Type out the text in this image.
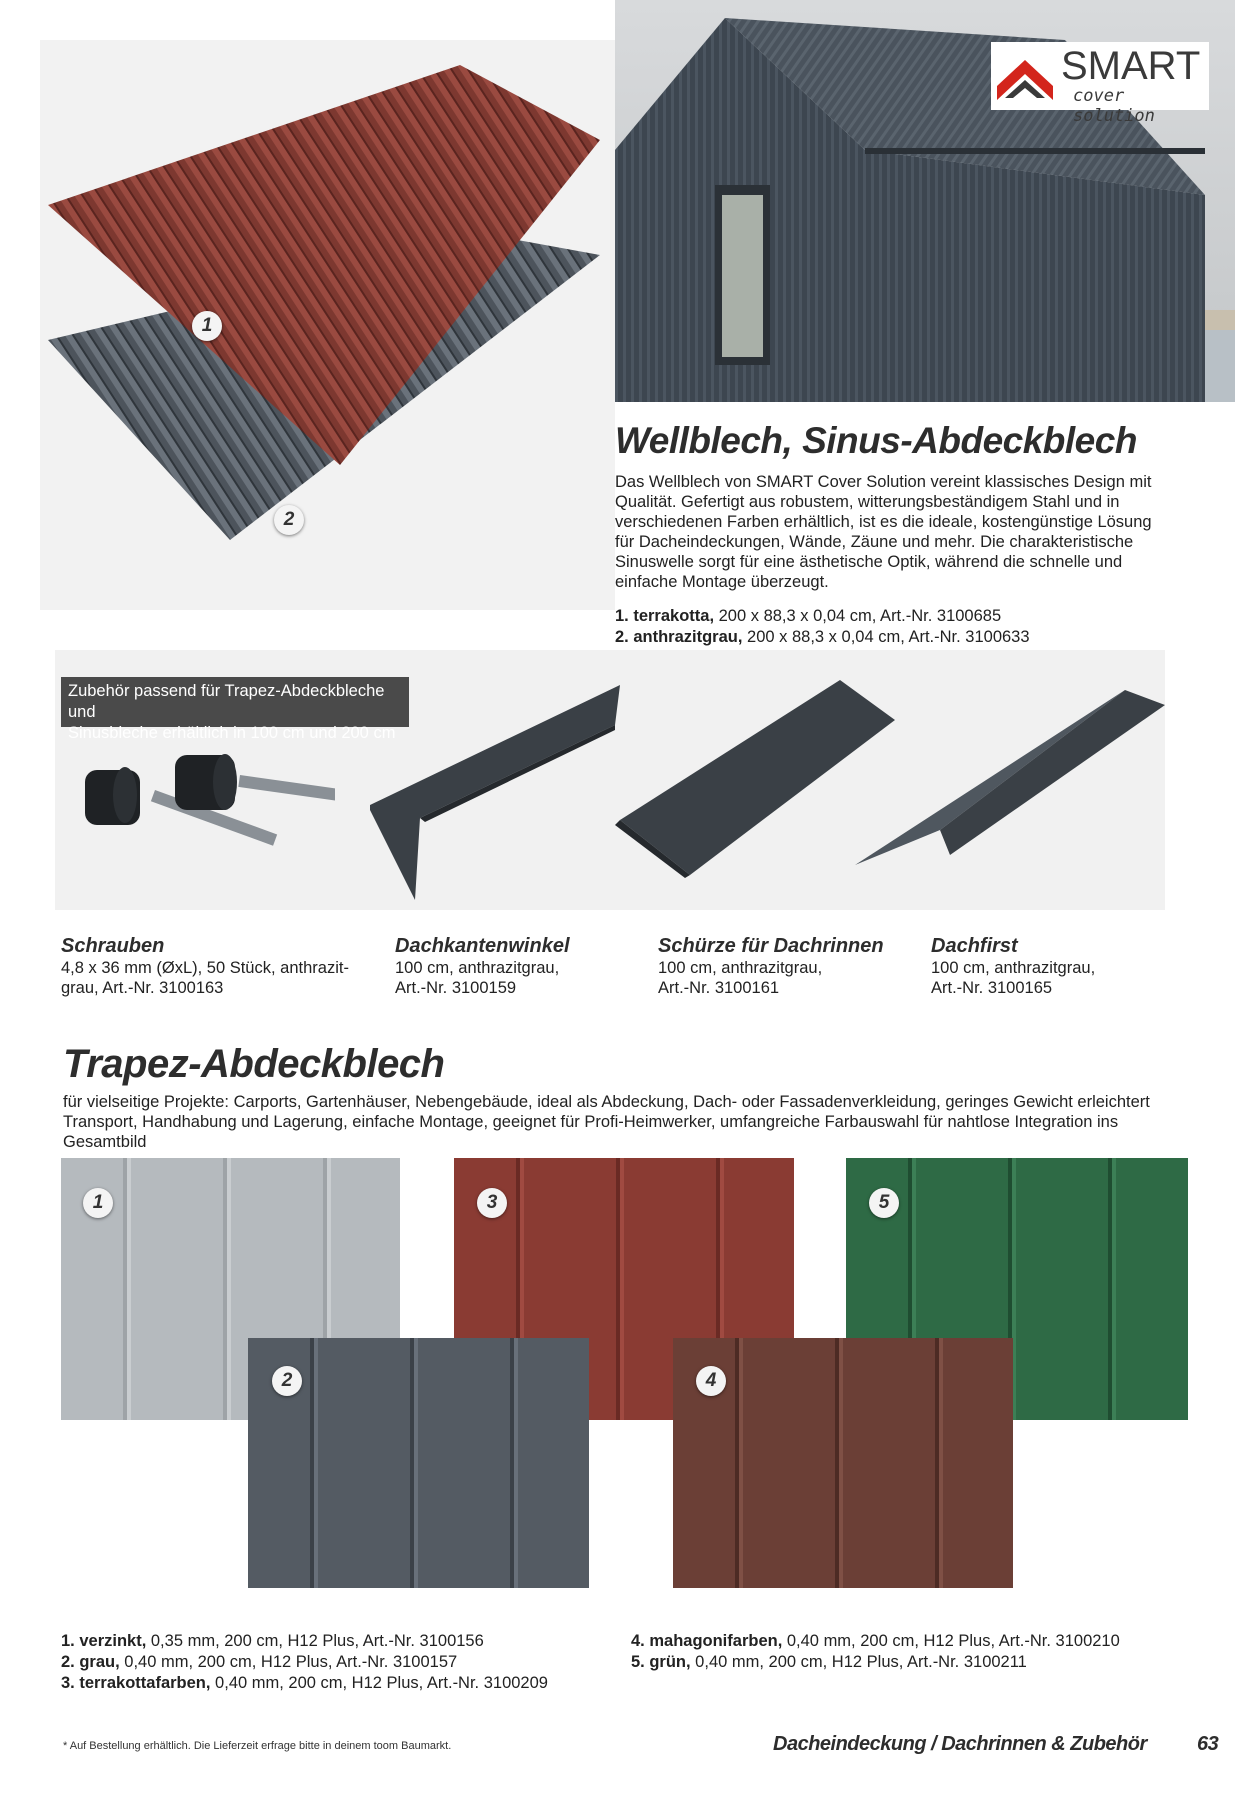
1
2
SMART
cover solution
Wellblech, Sinus-Abdeckblech
Das Wellblech von SMART Cover Solution vereint klassisches Design mit Qualität. Gefertigt aus robustem, witterungsbeständigem Stahl und in verschiedenen Farben erhältlich, ist es die ideale, kostengünstige Lösung für Dacheindeckungen, Wände, Zäune und mehr. Die charakteristische Sinuswelle sorgt für eine ästhetische Optik, während die schnelle und einfache Montage überzeugt.
1. terrakotta, 200 x 88,3 x 0,04 cm, Art.-Nr. 3100685
2. anthrazitgrau, 200 x 88,3 x 0,04 cm, Art.-Nr. 3100633
Zubehör passend für Trapez-Abdeckbleche und
Sinusbleche erhältlich in 100 cm und 200 cm
Schrauben
4,8 x 36 mm (ØxL), 50 Stück, anthrazit-
grau, Art.-Nr. 3100163
Dachkantenwinkel
100 cm, anthrazitgrau,
Art.-Nr. 3100159
Schürze für Dachrinnen
100 cm, anthrazitgrau,
Art.-Nr. 3100161
Dachfirst
100 cm, anthrazitgrau,
Art.-Nr. 3100165
Trapez-Abdeckblech
für vielseitige Projekte: Carports, Gartenhäuser, Nebengebäude, ideal als Abdeckung, Dach- oder Fassadenverkleidung, geringes Gewicht erleichtert Transport, Handhabung und Lagerung, einfache Montage, geeignet für Profi-Heimwerker, umfangreiche Farbauswahl für nahtlose Integration ins Gesamtbild
1	3	5
2	4
1. verzinkt, 0,35 mm, 200 cm, H12 Plus, Art.-Nr. 3100156
2. grau, 0,40 mm, 200 cm, H12 Plus, Art.-Nr. 3100157
3. terrakottafarben, 0,40 mm, 200 cm, H12 Plus, Art.-Nr. 3100209
4. mahagonifarben, 0,40 mm, 200 cm, H12 Plus, Art.-Nr. 3100210
5. grün, 0,40 mm, 200 cm, H12 Plus, Art.-Nr. 3100211
* Auf Bestellung erhältlich. Die Lieferzeit erfrage bitte in deinem toom Baumarkt.	Dacheindeckung / Dachrinnen & Zubehör	63
